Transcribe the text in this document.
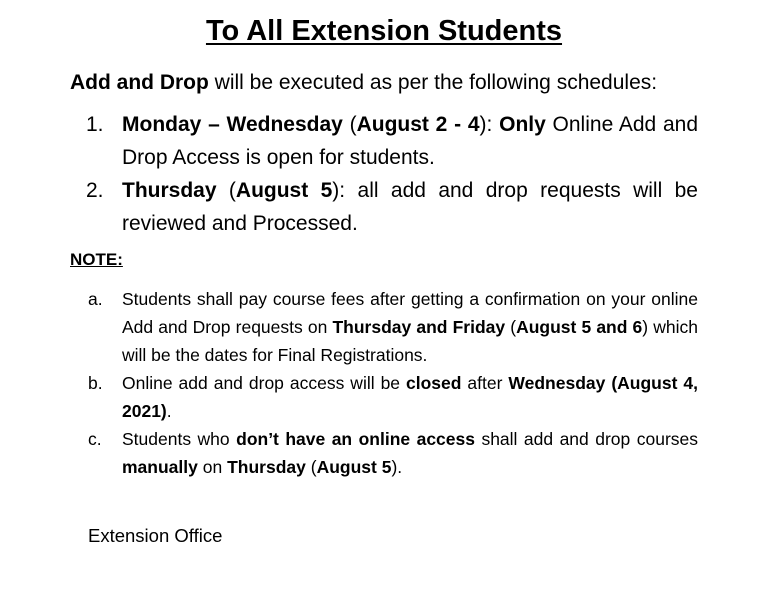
To All Extension Students
Add and Drop will be executed as per the following schedules:
1. Monday – Wednesday (August 2 - 4): Only Online Add and Drop Access is open for students.
2. Thursday (August 5): all add and drop requests will be reviewed and Processed.
NOTE:
a. Students shall pay course fees after getting a confirmation on your online Add and Drop requests on Thursday and Friday (August 5 and 6) which will be the dates for Final Registrations.
b. Online add and drop access will be closed after Wednesday (August 4, 2021).
c. Students who don’t have an online access shall add and drop courses manually on Thursday (August 5).
Extension Office
